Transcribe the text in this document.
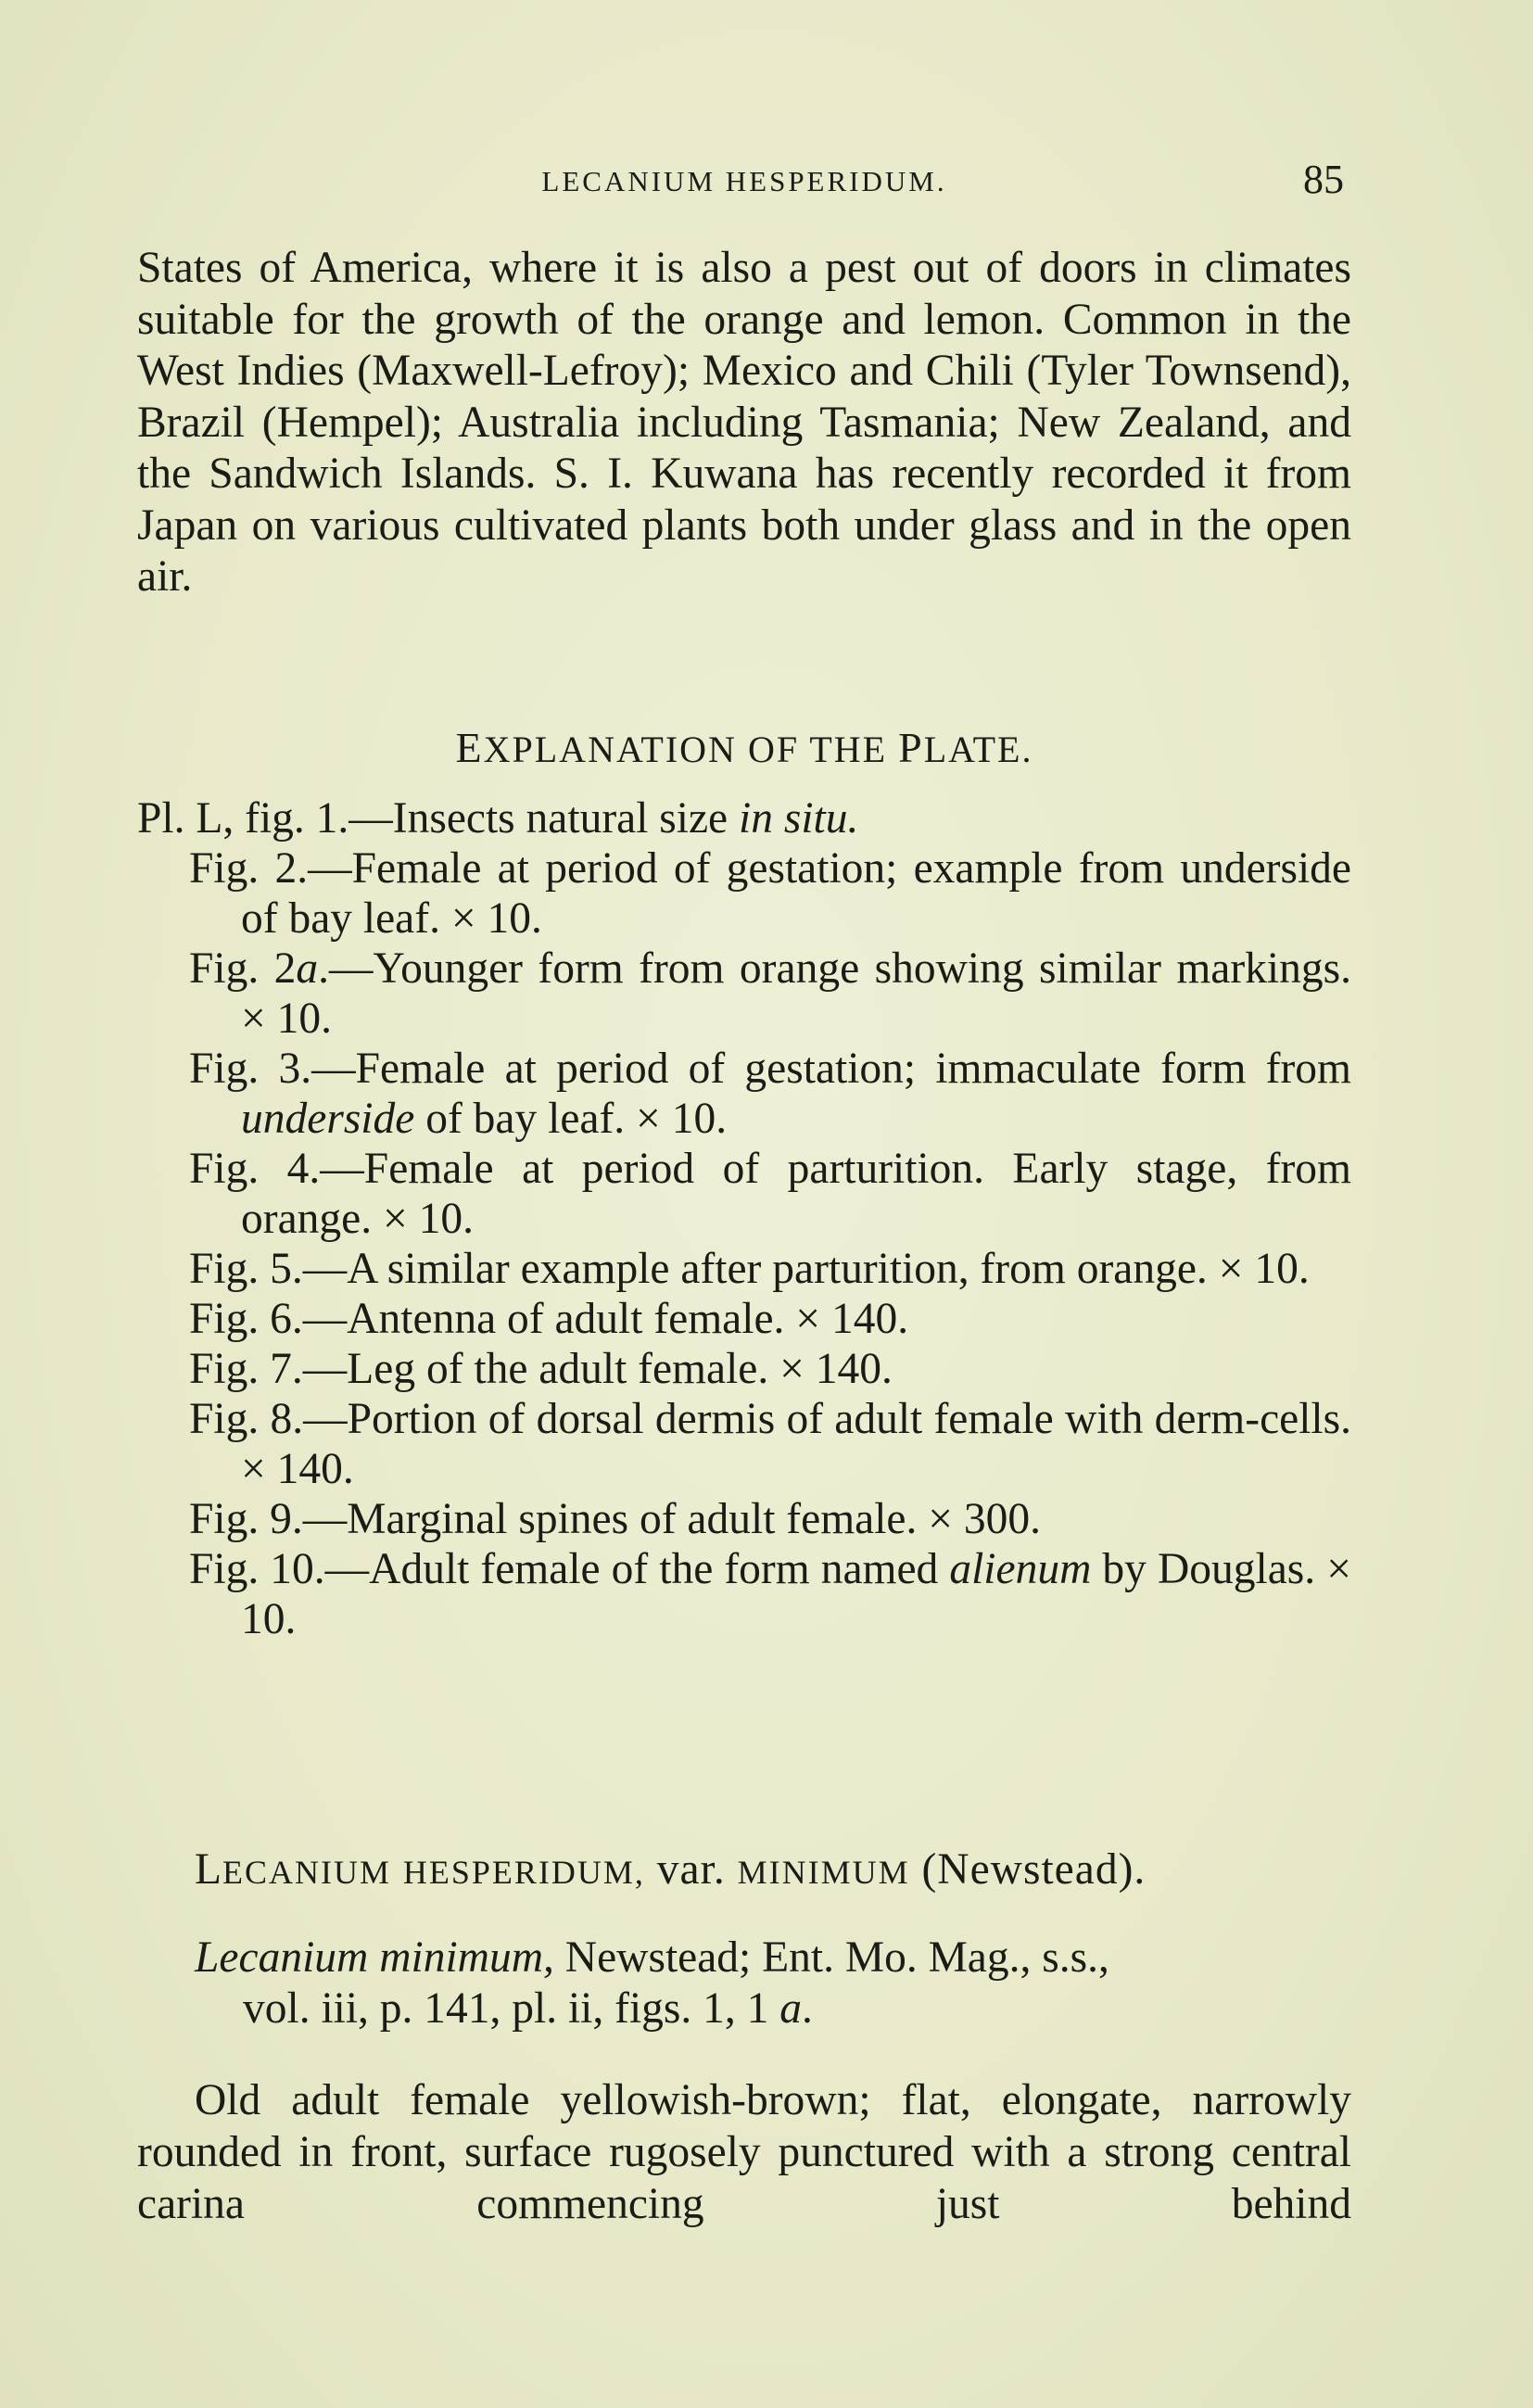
LECANIUM HESPERIDUM.	85

States of America, where it is also a pest out of doors in climates suitable for the growth of the orange and lemon. Common in the West Indies (Maxwell-Lefroy); Mexico and Chili (Tyler Townsend), Brazil (Hempel); Australia including Tasmania; New Zealand, and the Sandwich Islands. S. I. Kuwana has recently recorded it from Japan on various cultivated plants both under glass and in the open air.

EXPLANATION OF THE PLATE.
Pl. L, fig. 1.—Insects natural size in situ.
Fig. 2.—Female at period of gestation; example from underside of bay leaf. × 10.
Fig. 2a.—Younger form from orange showing similar markings. × 10.
Fig. 3.—Female at period of gestation; immaculate form from underside of bay leaf. × 10.
Fig. 4.—Female at period of parturition. Early stage, from orange. × 10.
Fig. 5.—A similar example after parturition, from orange. × 10.
Fig. 6.—Antenna of adult female. × 140.
Fig. 7.—Leg of the adult female. × 140.
Fig. 8.—Portion of dorsal dermis of adult female with derm-cells. × 140.
Fig. 9.—Marginal spines of adult female. × 300.
Fig. 10.—Adult female of the form named alienum by Douglas. × 10.
LECANIUM HESPERIDUM, var. MINIMUM (Newstead).
Lecanium minimum, Newstead; Ent. Mo. Mag., s.s.,
vol. iii, p. 141, pl. ii, figs. 1, 1 a.

Old adult female yellowish-brown; flat, elongate, narrowly rounded in front, surface rugosely punctured with a strong central carina commencing just behind
